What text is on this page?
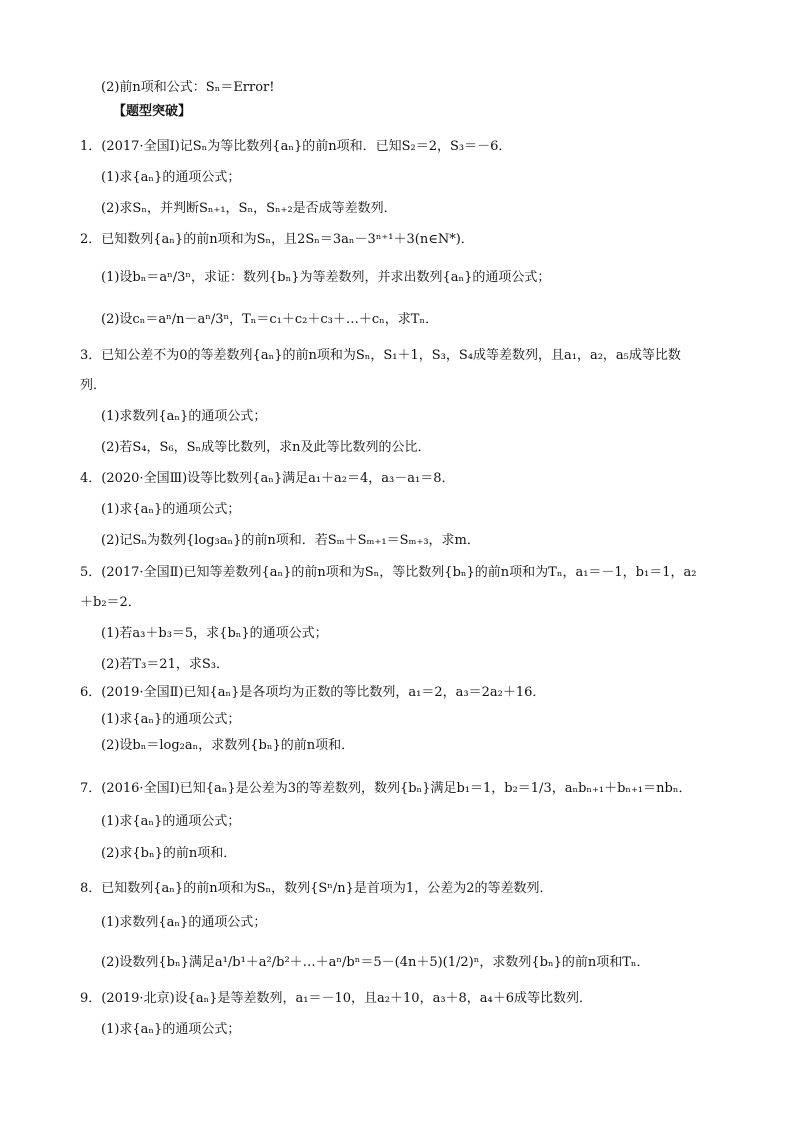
(2)前n项和公式：Sₙ＝Error!
【题型突破】
1．(2017·全国Ⅰ)记Sₙ为等比数列{aₙ}的前n项和．已知S₂＝2，S₃＝－6．
(1)求{aₙ}的通项公式；
(2)求Sₙ，并判断Sₙ₊₁，Sₙ，Sₙ₊₂是否成等差数列．
2．已知数列{aₙ}的前n项和为Sₙ，且2Sₙ＝3aₙ－3ⁿ⁺¹＋3(n∈N*)．
(1)设bₙ＝aⁿ/3ⁿ，求证：数列{bₙ}为等差数列，并求出数列{aₙ}的通项公式；
(2)设cₙ＝aⁿ/n－aⁿ/3ⁿ，Tₙ＝c₁＋c₂＋c₃＋…＋cₙ，求Tₙ．
3．已知公差不为0的等差数列{aₙ}的前n项和为Sₙ，S₁＋1，S₃，S₄成等差数列，且a₁，a₂，a₅成等比数
列．
(1)求数列{aₙ}的通项公式；
(2)若S₄，S₆，Sₙ成等比数列，求n及此等比数列的公比．
4．(2020·全国Ⅲ)设等比数列{aₙ}满足a₁＋a₂＝4，a₃－a₁＝8．
(1)求{aₙ}的通项公式；
(2)记Sₙ为数列{log₃aₙ}的前n项和．若Sₘ＋Sₘ₊₁＝Sₘ₊₃，求m．
5．(2017·全国Ⅱ)已知等差数列{aₙ}的前n项和为Sₙ，等比数列{bₙ}的前n项和为Tₙ，a₁＝－1，b₁＝1，a₂
＋b₂＝2．
(1)若a₃＋b₃＝5，求{bₙ}的通项公式；
(2)若T₃＝21，求S₃．
6．(2019·全国Ⅱ)已知{aₙ}是各项均为正数的等比数列，a₁＝2，a₃＝2a₂＋16．
(1)求{aₙ}的通项公式；
(2)设bₙ＝log₂aₙ，求数列{bₙ}的前n项和．
7．(2016·全国Ⅰ)已知{aₙ}是公差为3的等差数列，数列{bₙ}满足b₁＝1，b₂＝1/3，aₙbₙ₊₁＋bₙ₊₁＝nbₙ．
(1)求{aₙ}的通项公式；
(2)求{bₙ}的前n项和．
8．已知数列{aₙ}的前n项和为Sₙ，数列{Sⁿ/n}是首项为1，公差为2的等差数列．
(1)求数列{aₙ}的通项公式；
(2)设数列{bₙ}满足a¹/b¹＋a²/b²＋…＋aⁿ/bⁿ＝5－(4n＋5)(1/2)ⁿ，求数列{bₙ}的前n项和Tₙ．
9．(2019·北京)设{aₙ}是等差数列，a₁＝－10，且a₂＋10，a₃＋8，a₄＋6成等比数列．
(1)求{aₙ}的通项公式；
